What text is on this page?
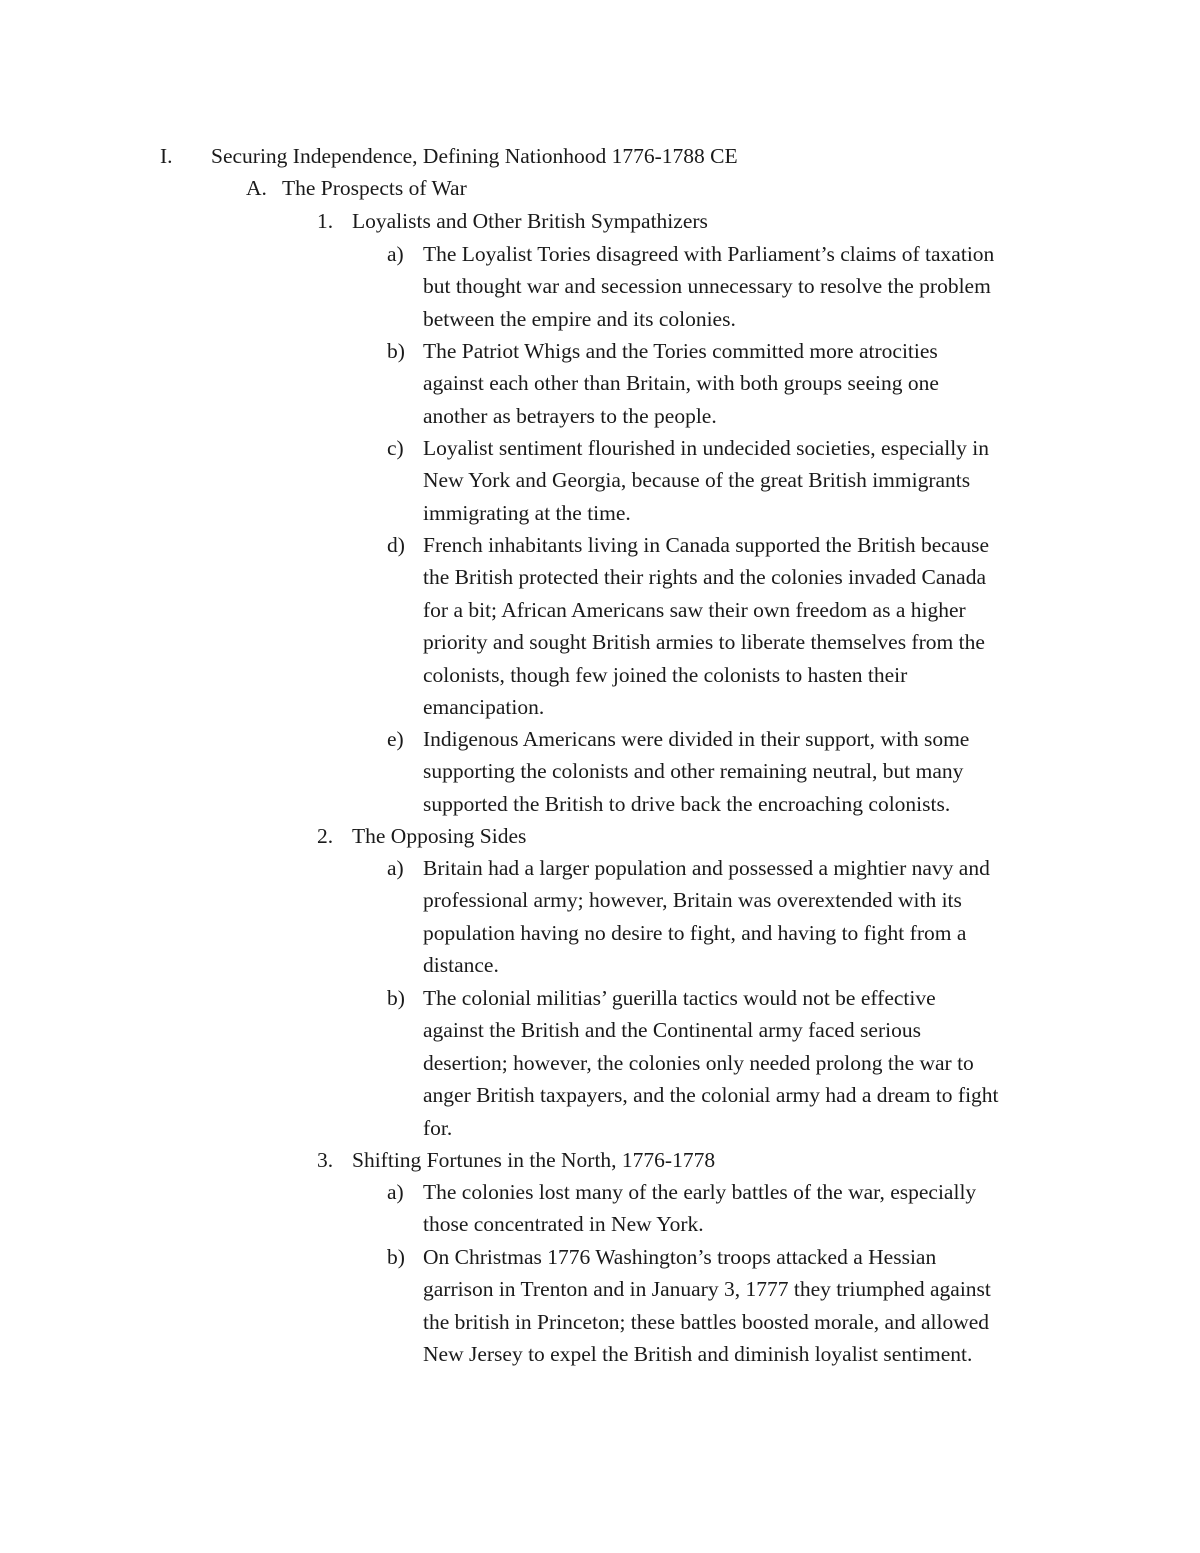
I. Securing Independence, Defining Nationhood 1776-1788 CE
A. The Prospects of War
1. Loyalists and Other British Sympathizers
a) The Loyalist Tories disagreed with Parliament’s claims of taxation
but thought war and secession unnecessary to resolve the problem
between the empire and its colonies.
b) The Patriot Whigs and the Tories committed more atrocities
against each other than Britain, with both groups seeing one
another as betrayers to the people.
c) Loyalist sentiment flourished in undecided societies, especially in
New York and Georgia, because of the great British immigrants
immigrating at the time.
d) French inhabitants living in Canada supported the British because
the British protected their rights and the colonies invaded Canada
for a bit; African Americans saw their own freedom as a higher
priority and sought British armies to liberate themselves from the
colonists, though few joined the colonists to hasten their
emancipation.
e) Indigenous Americans were divided in their support, with some
supporting the colonists and other remaining neutral, but many
supported the British to drive back the encroaching colonists.
2. The Opposing Sides
a) Britain had a larger population and possessed a mightier navy and
professional army; however, Britain was overextended with its
population having no desire to fight, and having to fight from a
distance.
b) The colonial militias’ guerilla tactics would not be effective
against the British and the Continental army faced serious
desertion; however, the colonies only needed prolong the war to
anger British taxpayers, and the colonial army had a dream to fight
for.
3. Shifting Fortunes in the North, 1776-1778
a) The colonies lost many of the early battles of the war, especially
those concentrated in New York.
b) On Christmas 1776 Washington’s troops attacked a Hessian
garrison in Trenton and in January 3, 1777 they triumphed against
the british in Princeton; these battles boosted morale, and allowed
New Jersey to expel the British and diminish loyalist sentiment.
